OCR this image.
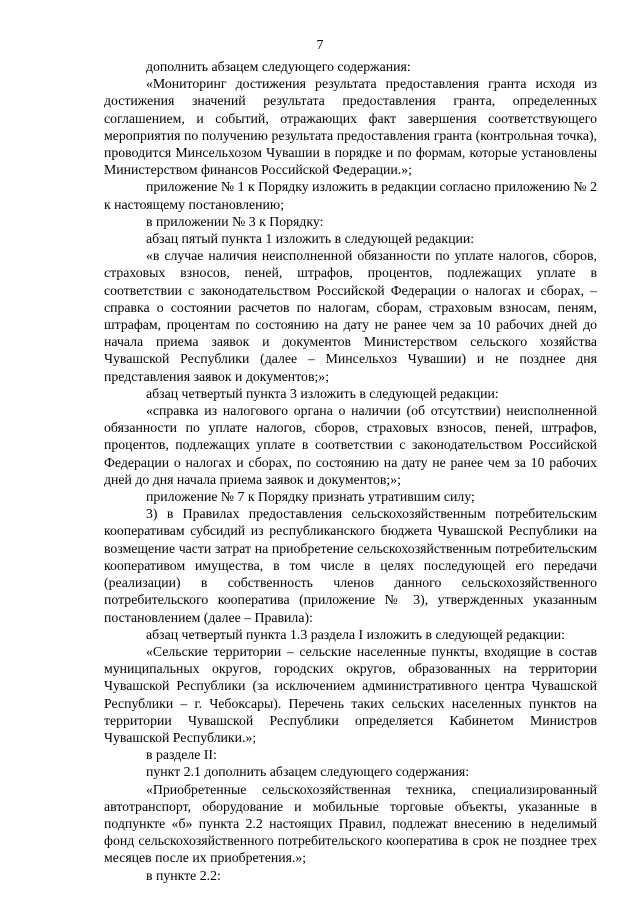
7

дополнить абзацем следующего содержания:

«Мониторинг достижения результата предоставления гранта исходя из достижения значений результата предоставления гранта, определенных соглашением, и событий, отражающих факт завершения соответствующего мероприятия по получению результата предоставления гранта (контрольная точка), проводится Минсельхозом Чувашии в порядке и по формам, которые установлены Министерством финансов Российской Федерации.»;

приложение № 1 к Порядку изложить в редакции согласно приложению № 2 к настоящему постановлению;

в приложении № 3 к Порядку:

абзац пятый пункта 1 изложить в следующей редакции:

«в случае наличия неисполненной обязанности по уплате налогов, сборов, страховых взносов, пеней, штрафов, процентов, подлежащих уплате в соответствии с законодательством Российской Федерации о налогах и сборах, – справка о состоянии расчетов по налогам, сборам, страховым взносам, пеням, штрафам, процентам по состоянию на дату не ранее чем за 10 рабочих дней до начала приема заявок и документов Министерством сельского хозяйства Чувашской Республики (далее – Минсельхоз Чувашии) и не позднее дня представления заявок и документов;»;

абзац четвертый пункта 3 изложить в следующей редакции:

«справка из налогового органа о наличии (об отсутствии) неисполненной обязанности по уплате налогов, сборов, страховых взносов, пеней, штрафов, процентов, подлежащих уплате в соответствии с законодательством Российской Федерации о налогах и сборах, по состоянию на дату не ранее чем за 10 рабочих дней до дня начала приема заявок и документов;»;

приложение № 7 к Порядку признать утратившим силу;

3) в Правилах предоставления сельскохозяйственным потребительским кооперативам субсидий из республиканского бюджета Чувашской Республики на возмещение части затрат на приобретение сельскохозяйственным потребительским кооперативом имущества, в том числе в целях последующей его передачи (реализации) в собственность членов данного сельскохозяйственного потребительского кооператива (приложение № 3), утвержденных указанным постановлением (далее – Правила):

абзац четвертый пункта 1.3 раздела I изложить в следующей редакции:

«Сельские территории – сельские населенные пункты, входящие в состав муниципальных округов, городских округов, образованных на территории Чувашской Республики (за исключением административного центра Чувашской Республики – г. Чебоксары). Перечень таких сельских населенных пунктов на территории Чувашской Республики определяется Кабинетом Министров Чувашской Республики.»;

в разделе II:

пункт 2.1 дополнить абзацем следующего содержания:

«Приобретенные сельскохозяйственная техника, специализированный автотранспорт, оборудование и мобильные торговые объекты, указанные в подпункте «б» пункта 2.2 настоящих Правил, подлежат внесению в неделимый фонд сельскохозяйственного потребительского кооператива в срок не позднее трех месяцев после их приобретения.»;

в пункте 2.2:
